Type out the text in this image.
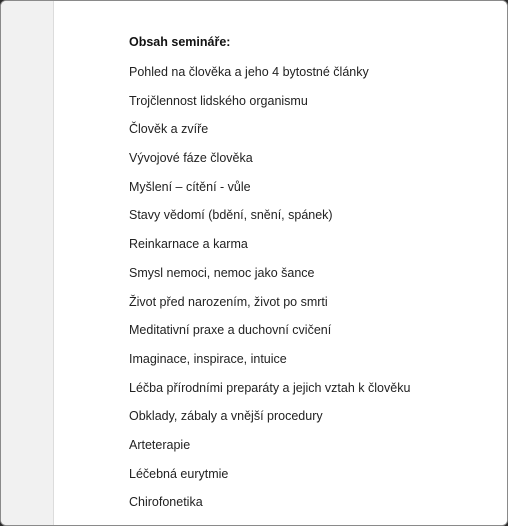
Obsah semináře:
Pohled na člověka a jeho 4 bytostné články
Trojčlennost lidského organismu
Člověk a zvíře
Vývojové fáze člověka
Myšlení – cítění - vůle
Stavy vědomí (bdění, snění, spánek)
Reinkarnace a karma
Smysl nemoci, nemoc jako šance
Život před narozením, život po smrti
Meditativní praxe a duchovní cvičení
Imaginace, inspirace, intuice
Léčba přírodními preparáty a jejich vztah k člověku
Obklady, zábaly a vnější procedury
Arteterapie
Léčebná eurytmie
Chirofonetika
